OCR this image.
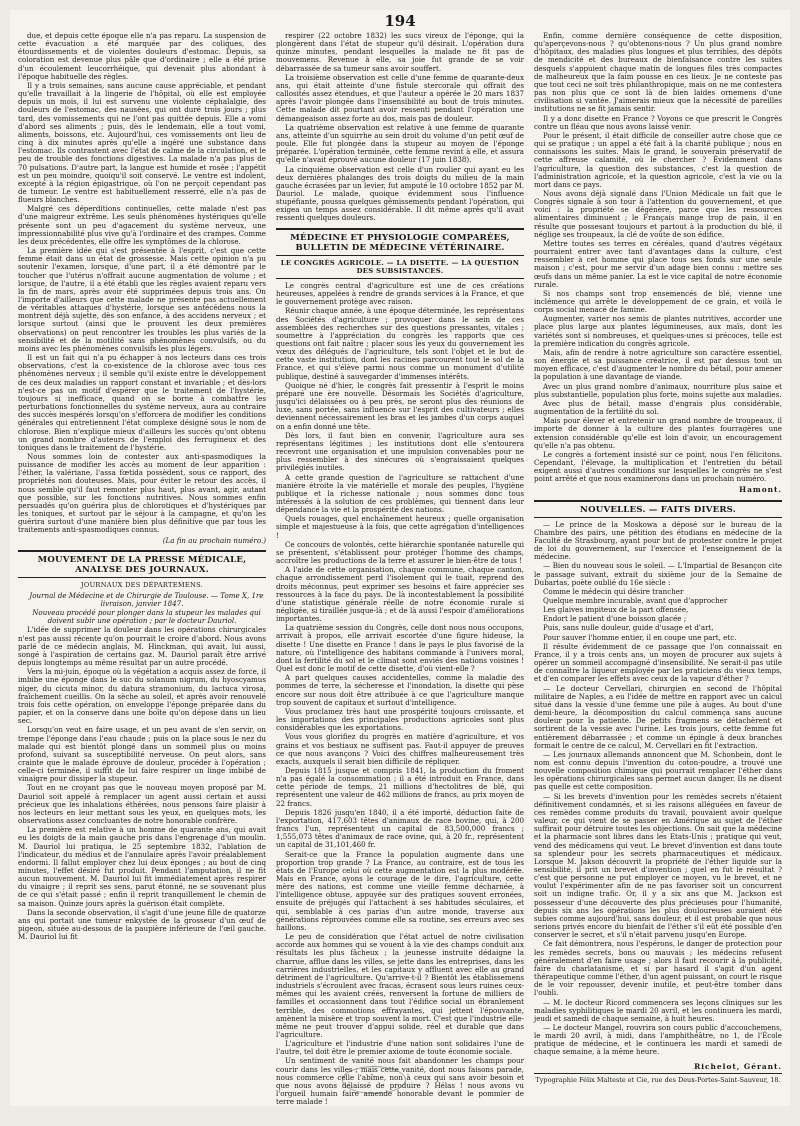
194

due, et depuis cette époque elle n'a pas reparu. La suspension de cette évacuation a été marquée par des coliques, des étourdissements et de violentes douleurs d'estomac. Depuis, sa coloration est devenue plus pâle que d'ordinaire ; elle a été prise d'un écoulement leucorrhéique, qui devenait plus abondant à l'époque habituelle des règles.

Il y a trois semaines, sans aucune cause appréciable, et pendant qu'elle travaillait à la lingerie de l'hôpital, où elle est employée depuis un mois, il lui est survenu une violente céphalalgie, des douleurs de l'estomac, des nausées, qui ont duré trois jours ; plus tard, des vomissements qui ne l'ont pas quittée depuis. Elle a vomi d'abord ses aliments ; puis, dès le lendemain, elle a tout vomi, aliments, boissons, etc. Aujourd'hui, ces vomissements ont lieu de cinq à dix minutes après qu'elle a ingéré une substance dans l'estomac. Ils contrastent avec l'état de calme de la circulation, et le peu de trouble des fonctions digestives. La malade n'a pas plus de 70 pulsations. D'autre part, la langue est humide et rosée ; l'appétit est un peu moindre, quoiqu'il soit conservé. Le ventre est indolent, excepté à la région épigastrique, où l'on ne perçoit cependant pas de tumeur. Le ventre est habituellement resserré, elle n'a pas de flueurs blanches.

Malgré ces déperditions continuelles, cette malade n'est pas d'une maigreur extrême. Les seuls phénomènes hystériques qu'elle présente sont un peu d'agacement du système nerveux, une impressionnabilité plus vive qu'à l'ordinaire et des crampes. Comme les deux précédentes, elle offre les symptômes de la chlorose.

La première idée qui s'est présentée à l'esprit, c'est que cette femme était dans un état de grossesse. Mais cette opinion n'a pu soutenir l'examen, lorsque, d'une part, il a été démontré par le toucher que l'utérus n'offrait aucune augmentation de volume ; et lorsque, de l'autre, il a été établi que les règles avaient reparu vers la fin de mars, après avoir été supprimées depuis trois ans. On l'importe d'ailleurs que cette malade ne présente pas actuellement de véritables attaques d'hystérie, lorsque ses antécédens nous la montrent déjà sujette, dès son enfance, à des accidens nerveux ; et lorsque surtout (ainsi que le prouvent les deux premières observations) on peut rencontrer les troubles les plus variés de la sensibilité et de la motilité sans phénomènes convulsifs, ou du moins avec les phénomènes convulsifs les plus légers.

Il est un fait qui n'a pu échapper à nos lecteurs dans ces trois observations, c'est la co-existence de la chlorose avec tous ces phénomènes nerveux ; il semble qu'il existe entre le développement de ces deux maladies un rapport constant et invariable ; et dès-lors n'est-ce pas un motif d'espérer que le traitement de l'hystérie, toujours si inefficace, quand on se borne à combattre les perturbations fonctionnelles du système nerveux, aura au contraire des succès inespérés lorsqu'on s'efforcera de modifier les conditions générales qui entretiennent l'état complexe désigné sous le nom de chlorose. Bien n'explique mieux d'ailleurs les succès qu'ont obtenu un grand nombre d'auteurs de l'emploi des ferrugineux et des toniques dans le traitement de l'hystérie.

Nous sommes loin de contester aux anti-spasmodiques la puissance de modifier les accès au moment de leur apparition : l'éther, la valériane, l'assa fœtida possèdent, sous ce rapport, des propriétés non douteuses. Mais, pour éviter le retour des accès, il nous semble qu'il faut remonter plus haut, plus avant, agir, autant que possible, sur les fonctions nutritives. Nous sommes enfin persuadés qu'on guérira plus de chlorotiques et d'hystériques par les toniques, et surtout par le séjour à la campagne, et qu'on les guérira surtout d'une manière bien plus définitive que par tous les traitements anti-spasmodiques connus.

(La fin au prochain numéro.)
MOUVEMENT DE LA PRESSE MÉDICALE, ANALYSE DES JOURNAUX.
JOURNAUX DES DÉPARTEMENS.

Journal de Médecine et de Chirurgie de Toulouse. — Tome X, 1re livraison, janvier 1847.

Nouveau procédé pour plonger dans la stupeur les malades qui doivent subir une opération ; par le docteur Dauriol.

L'idée de supprimer la douleur dans les opérations chirurgicales n'est pas aussi récente qu'on pourrait le croire d'abord. Nous avons parlé de ce médecin anglais, M. Hinckman, qui avait, lui aussi, songé à l'aspiration de certains gaz. M. Dauriol paraît être arrivé depuis longtemps au même résultat par un autre procédé.

Vers la mi-juin, époque où la végétation a acquis assez de force, il imbibe une éponge dans le suc du solanum nigrum, du hyoscyamus niger, du cicuta minor, du datura stramonium, du lactuca virosa, fraîchement cueillis. On la sèche au soleil, et après avoir renouvelé trois fois cette opération, on enveloppe l'éponge préparée dans du papier, et on la conserve dans une boîte qu'on dépose dans un lieu sec.

Lorsqu'on veut en faire usage, et un peu avant de s'en servir, on trempe l'éponge dans l'eau chaude ; puis on la place sous le nez du malade qui est bientôt plongé dans un sommeil plus ou moins profond, suivant sa susceptibilité nerveuse. On peut alors, sans crainte que le malade éprouve de douleur, procéder à l'opération ; celle-ci terminée, il suffit de lui faire respirer un linge imbibé de vinaigre pour dissiper la stupeur.

Tout en ne croyant pas que le nouveau moyen proposé par M. Dauriol soit appelé à remplacer un agent aussi certain et aussi précieux que les inhalations éthérées, nous pensons faire plaisir à nos lecteurs en leur mettant sous les yeux, en quelques mots, les observations assez concluantes de notre honorable confrère.

La première est relative à un homme de quarante ans, qui avait eu les doigts de la main gauche pris dans l'engrenage d'un moulin. M. Dauriol lui pratiqua, le 25 septembre 1832, l'ablation de l'indicateur, du médius et de l'annulaire après l'avoir préalablement endormi. Il fallut employer chez lui deux éponges ; au bout de cinq minutes, l'effet désiré fut produit. Pendant l'amputation, il ne fit aucun mouvement. M. Dauriol lui fit immédiatement après respirer du vinaigre ; il reprit ses sens, parut étonné, ne se souvenant plus de ce qui s'était passé ; enfin il reprit tranquillement le chemin de sa maison. Quinze jours après la guérison était complète.

Dans la seconde observation, il s'agit d'une jeune fille de quatorze ans qui portait une tumeur enkystée de la grosseur d'un œuf de pigeon, située au-dessous de la paupière inférieure de l'œil gauche. M. Dauriol lui fit

respirer (22 octobre 1832) les sucs vireux de l'éponge, qui la plongèrent dans l'état de stupeur qu'il désirait. L'opération dura quinze minutes, pendant lesquelles la malade ne fit pas de mouvemens. Revenue à elle, sa joie fut grande de se voir débarrassée de sa tumeur sans avoir souffert.

La troisième observation est celle d'une femme de quarante-deux ans, qui était atteinte d'une fistule stercorale qui offrait des callosités assez étendues, et que l'auteur a opérée le 20 mars 1837 après l'avoir plongée dans l'insensibilité au bout de trois minutes. Cette malade dit pourtant avoir ressenti pendant l'opération une démangeaison assez forte au dos, mais pas de douleur.

La quatrième observation est relative à une femme de quarante ans, atteinte d'un squirrhe au sein droit du volume d'un petit œuf de poule. Elle fut plongée dans la stupeur au moyen de l'éponge préparée. L'opération terminée, cette femme revint à elle, et assura qu'elle n'avait éprouvé aucune douleur (17 juin 1838).

La cinquième observation est celle d'un roulier qui ayant eu les deux dernières phalanges des trois doigts du milieu de la main gauche écrasées par un levier, fut amputé le 10 octobre 1852 par M. Dauriol. Le malade, quoique évidemment sous l'influence stupéfiante, poussa quelques gémissements pendant l'opération, qui exigea un temps assez considérable. Il dit même après qu'il avait ressenti quelques douleurs.

MÉDECINE ET PHYSIOLOGIE COMPARÉES, BULLETIN DE MÉDECINE VÉTÉRINAIRE.
LE CONGRÈS AGRICOLE. — LA DISETTE. — LA QUESTION DES SUBSISTANCES.

Le congrès central d'agriculture est une de ces créations heureuses, appelées à rendre de grands services à la France, et que le gouvernement protège avec raison.

Réunir chaque année, à une époque déterminée, les représentans des Sociétés d'agriculture ; provoquer dans le sein de ces assemblées des recherches sur des questions pressantes, vitales ; soumettre à l'appréciation du congrès les rapports que ces questions ont fait naître ; placer sous les yeux du gouvernement les vœux des délégués de l'agriculture, tels sont l'objet et le but de cette vaste institution, dont les racines parcourent tout le sol de la France, et qui s'élève parmi nous comme un monument d'utilité publique, destiné à sauvegarder d'immenses intérêts.

Quoique né d'hier, le congrès fait pressentir à l'esprit le moins préparé une ère nouvelle. Désormais les Sociétés d'agriculture, jusqu'ici délaissées ou à peu près, ne seront plus des réunions de luxe, sans portée, sans influence sur l'esprit des cultivateurs ; elles deviennent nécessairement les bras et les jambes d'un corps auquel on a enfin donné une tête.

Dès lors, il faut bien en convenir, l'agriculture aura ses représentans légitimes ; les institutions dont elle s'entourera recevront une organisation et une impulsion convenables pour ne plus ressembler à des sinécures où s'engraissaient quelques privilégiés inutiles.

A cette grande question de l'agriculture se rattachent d'une manière étroite la vie matérielle et morale des peuples, l'hygiène publique et la richesse nationale ; nous sommes donc tous intéressés à la solution de ces problèmes, qui tiennent dans leur dépendance la vie et la prospérité des nations.

Quels rouages, quel enchaînement heureux ; quelle organisation simple et majestueuse à la fois, que cette agrégation d'intelligences !

Ce concours de volontés, cette hiérarchie spontanée naturelle qui se présentent, s'établissent pour protéger l'homme des champs, accroître les productions de la terre et assurer le bien-être de tous !

A l'aide de cette organisation, chaque commune, chaque canton, chaque arrondissement perd l'isolement qui le tuait, reprend des droits méconnus, peut exprimer ses besoins et faire apprécier ses ressources à la face du pays. De là incontestablement la possibilité d'une statistique générale réelle de notre économie rurale si négligée, si tiraillée jusque-là ; et de là aussi l'espoir d'améliorations importantes.

La quatrième session du Congrès, celle dont nous nous occupons, arrivait à propos, elle arrivait escortée d'une figure hideuse, la disette ! Une disette en France ! dans le pays le plus favorisé de la nature, où l'intelligence des habitans commande à l'univers moral, dont la fertilité du sol et le climat sont enviés des nations voisines ! Quel est donc le motif de cette disette, d'où vient-elle ?

A part quelques causes accidentelles, comme la maladie des pommes de terre, la sécheresse et l'inondation, la disette qui pèse encore sur nous doit être attribuée à ce que l'agriculture manque trop souvent de capitaux et surtout d'intelligence.

Vous proclamez très haut une prospérité toujours croissante, et les importations des principales productions agricoles sont plus considérables que les exportations.

Vous vous glorifiez du progrès en matière d'agriculture, et vos grains et vos bestiaux ne suffisent pas. Faut-il appuyer de preuves ce que nous avançons ? Voici des chiffres malheureusement très exacts, auxquels il serait bien difficile de répliquer.

Depuis 1815 jusque et compris 1841, la production du froment n'a pas égalé la consommation ; il a été introduit en France, dans cette période de temps, 21 millions d'hectolitres de blé, qui représentent une valeur de 462 millions de francs, au prix moyen de 22 francs.

Depuis 1826 jusqu'en 1840, il a été importé, déduction faite de l'exportation, 417,603 têtes d'animaux de race bovine, qui, à 200 francs l'un, représentent un capital de 83,500,000 francs ; 1,555,073 têtes d'animaux de race ovine, qui, à 20 fr., représentent un capital de 31,101,460 fr.

Serait-ce que la France la population augmente dans une proportion trop grande ? La France, au contraire, est de tous les états de l'Europe celui où cette augmentation est la plus modérée. Mais en France, ayons le courage de le dire, l'agriculture, cette mère des nations, est comme une vieille femme décharnée, à l'intelligence obtuse, appuyée sur des pratiques souvent erronées, ensuite de préjugés qui l'attachent à ses habitudes séculaires, et qui, semblable à ces parias d'un autre monde, traverse aux générations réprouvées comme elle sa routine, ses erreurs avec ses haillons.

Le peu de considération que l'état actuel de notre civilisation accorde aux hommes qui se vouent à la vie des champs conduit aux résultats les plus fâcheux ; la jeunesse instruite dédaigne la charrue, afflue dans les villes, se jette dans les entreprises, dans les carrières industrielles, et les capitaux y affluent avec elle au grand détriment de l'agriculture. Qu'arrive-t-il ? Bientôt les établissemens industriels s'écroulent avec fracas, écrasent sous leurs ruines ceux-mêmes qui les avaient créés, renversent la fortune de milliers de familles et occasionnent dans tout l'édifice social un ébranlement terrible, des commotions effrayantes, qui jettent l'épouvante, amènent la misère et trop souvent la mort. C'est que l'industrie elle-même ne peut trouver d'appui solide, réel et durable que dans l'agriculture.

L'agriculture et l'industrie d'une nation sont solidaires l'une de l'autre, tel doit être le premier axiome de toute économie sociale.

Un sentiment de vanité nous fait abandonner les champs pour courir dans les villes ; mais cette vanité, dont nous faisons parade, nous commerce celle l'abîme, non à ceux qui sans avoir besoin et que nous avons délaissé de produire ? Hélas ! nous avons vu l'orgueil humain faire amende honorable devant le pommier de terre malade !

Enfin, comme dernière conséquence de cette disposition, qu'aperçevons-nous ? qu'obtenons-nous ? Un plus grand nombre d'hôpitaux, des maladies plus longues et plus terribles, des dépôts de mendicité et des bureaux de bienfaisance contre les suites desquels s'appuient chaque matin de longues files très compactes de malheureux que la faim pousse en ces lieux. Je ne conteste pas que tout ceci ne soit très philanthropique, mais on ne me contestera pas non plus que ce sont là de bien laides ornemens d'une civilisation si vantée. J'aimerais mieux que la nécessité de pareilles institutions ne se fit jamais sentir.

Il y a donc disette en France ? Voyons ce que prescrit le Congrès contre un fléau que nous avons laissé venir.

Pour le présent, il était difficile de conseiller autre chose que ce qui se pratique ; un appel a été fait à la charité publique ; nous en connaissons les suites. Mais le grand, le souverain préservatif de cette affreuse calamité, où le chercher ? Évidemment dans l'agriculture, la question des substances, c'est la question de l'administration agricole, et la question agricole, c'est la vie ou la mort dans ce pays.

Nous avons déjà signalé dans l'Union Médicale un fait que le Congrès signale à son tour à l'attention du gouvernement, et que voici : la propriété se dégénère, parce que les ressources alimentaires diminuent ; le Français mange trop de pain, il en résulte que possesant toujours et partout à la production du blé, il néglige ses troupeaux, la clé de voûte de son édifice.

Mettre toutes ses terres en céréales, quand d'autres végétaux pourraient entrer avec tant d'avantages dans la culture, c'est ressembler à cet homme qui place tous ses fonds sur une seule maison ; c'est, pour me servir d'un adage bien connu : mettre ses œufs dans un même panier. La est le vice capital de notre économie rurale.

Si nos champs sont trop ensemencés de blé, vienne une inclémence qui arrête le développement de ce grain, et voilà le corps social menacé de famine.

Augmenter, varier nos semis de plantes nutritives, accorder une place plus large aux plantes légumineuses, aux maïs, dont les variétés sont si nombreuses, et quelques-unes si précoces, telle est la première indication du congrès agricole.

Mais, afin de rendre à notre agriculture son caractère essentiel, son énergie et sa puissance créatrice, il est par dessus tout un moyen efficace, c'est d'augmenter le nombre du bétail, pour amener la population à une davantage de viande.

Avec un plus grand nombre d'animaux, nourriture plus saine et plus substantielle, population plus forte, moins sujette aux maladies.

Avec plus de bétail, masse d'engrais plus considérable, augmentation de la fertilité du sol.

Mais pour élever et entretenir un grand nombre de troupeaux, il importe de donner à la culture des plantes fourragères une extension considérable qu'elle est loin d'avoir, un encouragement qu'elle n'a pas obtenu.

Le congrès a fortement insisté sur ce point, nous l'en félicitons. Cependant, l'élevage, la multiplication et l'entretien du bétail exigent aussi d'autres conditions sur lesquelles le congrès ne s'est point arrêté et que nous examinerons dans un prochain numéro.

Hamont.
NOUVELLES. — FAITS DIVERS.

— Le prince de la Moskowa a déposé sur le bureau de la Chambre des pairs, une pétition des étudians en médecine de la Faculté de Strasbourg, ayant pour but de protester contre le projet de loi du gouvernement, sur l'exercice et l'enseignement de la médecine.

— Bien du nouveau sous le soleil. — L'Impartial de Besançon cite le passage suivant, extrait du sixième jour de la Semaine de Dubartas, poète oublié du 16e siècle :

Comme le médecin qui désire trancher

Quelque membre incurable, avant que d'approcher

Les glaives impiteux de la part offensée,

Endort le patient d'une boisson glacée ;

Puis, sans nulle douleur, guide d'usage et d'art,

Pour sauver l'homme entier, il en coupe une part, etc.

Il résulte évidemment de ce passage que l'on connaissait en France, il y a trois cents ans, un moyen de procurer aux sujets à opérer un sommeil accompagné d'insensibilité. Ne serait-il pas utile de connaître la liqueur employée par les praticiens du vieux temps, et d'en comparer les effets avec ceux de la vapeur d'éther ?

— Le docteur Cervellari, chirurgien en second de l'hôpital militaire de Naples, a eu l'idée de mettre en rapport avec un calcul situé dans la vessie d'une femme une pile à auges. Au bout d'une demi-heure, la décomposition du calcul commença sans aucune douleur pour la patiente. De petits fragmens se détachèrent et sortirent de la vessie avec l'urine. Les trois jours, cette femme fut entièrement débarrassée ; et comme un épingle à deux branches formait le centre de ce calcul, M. Cervellari en fit l'extraction.

— Les journaux allemands annoncent que M. Schonbein, dont le nom est connu depuis l'invention du coton-poudre, a trouvé une nouvelle composition chimique qui pourrait remplacer l'éther dans les opérations chirurgicales sans permet aucun danger. Ils ne disent pas quelle est cette composition.

— Si les brevets d'invention pour les remèdes secrets n'étaient définitivement condamnés, et si les raisons alléguées en faveur de ces remèdes comme produits du travail, pouvaient avoir quelque valeur, ce qui vient de se passer en Amérique au sujet de l'éther suffirait pour détruire toutes les objections. On sait que la médecine et la pharmacie sont libres dans les Etats-Unis ; pratique qui veut, vend des médicamens qui veut. Le brevet d'invention est dans toute sa splendeur pour les secrets pharmaceutiques et médicaux. Lorsque M. Jakson découvrit la propriété de l'éther liquide sur la sensibilité, il prit un brevet d'invention ; quel en fut le résultat ? c'est que personne ne put employer ce moyen, vu le brevet, et ne voulut l'expérimenter afin de ne pas favoriser soit un concurrent soit un indigne trafic. Or, il y a six ans que M. Jackson est possesseur d'une découverte des plus précieuses pour l'humanité, depuis six ans les opérations les plus douloureuses auraient été subies comme aujourd'hui, sans douleur, et il est probable que nous serions privés encore du bienfait de l'éther s'il eût été possible d'en conserver le secret, et s'il n'était parvenu jusqu'en Europe.

Ce fait démontrera, nous l'espérons, le danger de protection pour les remèdes secrets, bons ou mauvais ; les médecins refusent généralement d'en faire usage ; alors il faut recourir à la publicité, faire du charlatanisme, et si par hasard il s'agit d'un agent thérapeutique comme l'éther, d'un agent puissant, on court le risque de le voir repousser, devenir inutile, et peut-être tomber dans l'oubli.

— M. le docteur Ricord commencera ses leçons cliniques sur les maladies syphilitiques le mardi 20 avril, et les continuera les mardi, jeudi et samedi de chaque semaine, à huit heures.

— Le docteur Mangel, rouvrira son cours public d'accouchemens, le mardi 20 avril, à midi, dans l'amphithéâtre, no 1, de l'École pratique de médecine, et le continuera les mardi et samedi de chaque semaine, à la même heure.

Richelot, Gérant.
Typographie Félix Malteste et Cie, rue des Deux-Portes-Saint-Sauveur, 18.
